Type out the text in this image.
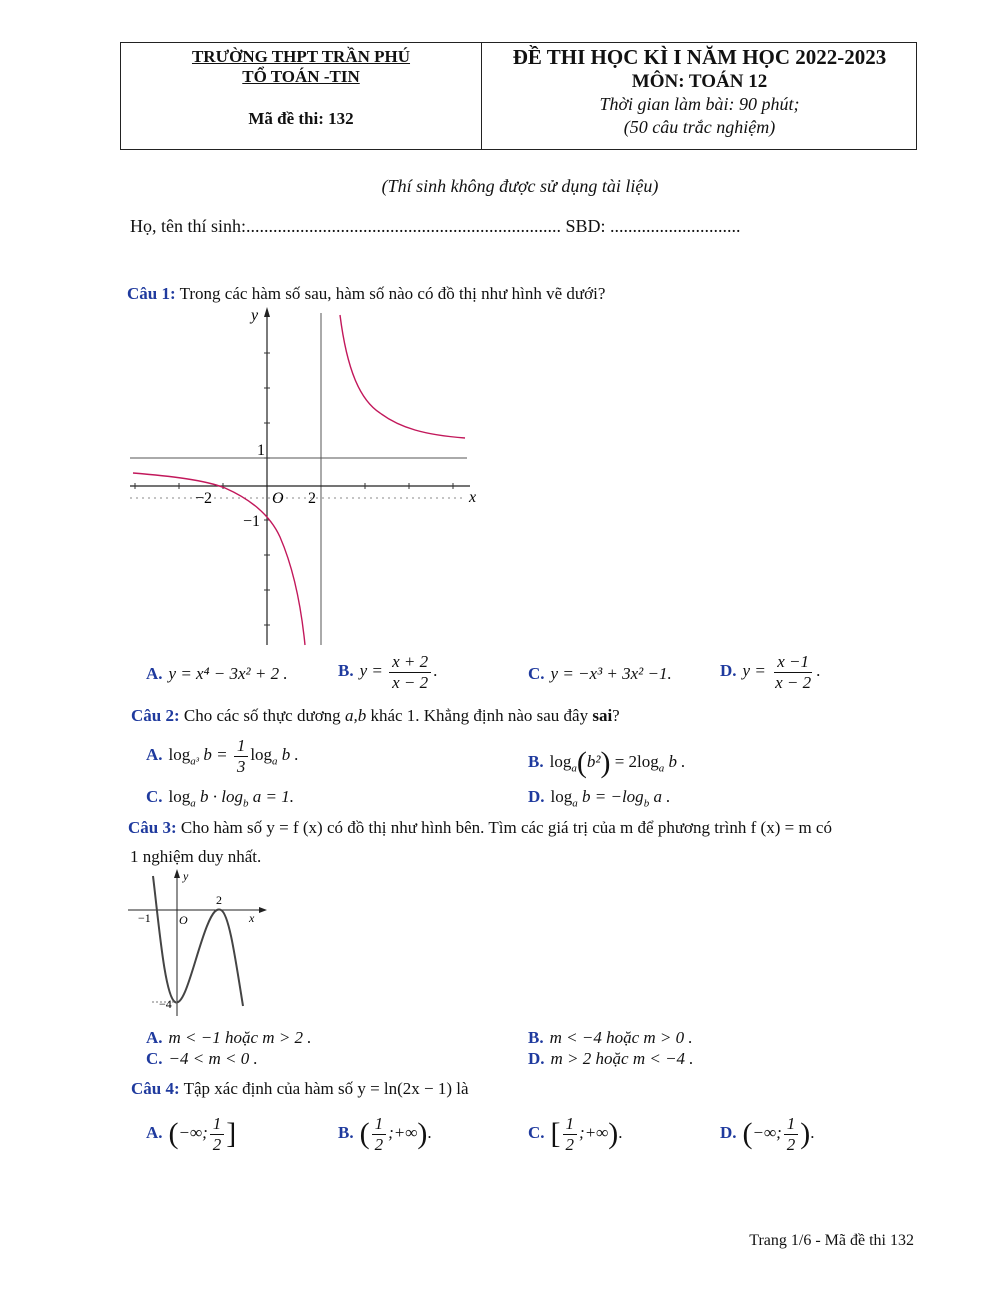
TRƯỜNG THPT TRẦN PHÚ
TỔ TOÁN -TIN
Mã đề thi: 132
ĐỀ THI HỌC KÌ I NĂM HỌC 2022-2023
MÔN: TOÁN 12
Thời gian làm bài: 90 phút;
(50 câu trắc nghiệm)
(Thí sinh không được sử dụng tài liệu)
Họ, tên thí sinh:...................................................................... SBD: .............................
Câu 1: Trong các hàm số sau, hàm số nào có đồ thị như hình vẽ dưới?
y
x
1
−2	O 2
−1
A. y = x⁴ − 3x² + 2 .	B. $y = \frac{x + 2}{x - 2}$ .	C. y = −x³ + 3x² −1.	D. $y = \frac{x -1}{x - 2}$ .
Câu 2: Cho các số thực dương a,b khác 1. Khẳng định nào sau đây sai?
A. $\log_{a^3} b = \frac{1}{3} \log_a b$ .	B. $\log_a(b^2) = 2\log_a$ b .
C. $\log_a b \cdot \log_b a = 1$.	D. $\log_a b = -\log_b$ a .
Câu 3: Cho hàm số y = f (x) có đồ thị như hình bên. Tìm các giá trị của m để phương trình f (x) = m có
1 nghiệm duy nhất.
y
x
−1 O
2
−4
A. m < −1 hoặc m > 2 .	B. m < −4 hoặc m > 0 .
C. −4 < m < 0 .	D. m > 2 hoặc m < −4 .
Câu 4: Tập xác định của hàm số y = ln(2x − 1) là
A. (−∞; $\frac{1}{2}$ ]	B. ( $\frac{1}{2}$ ;+∞).	C. [ $\frac{1}{2}$ ;+∞).	D. (−∞; $\frac{1}{2}$ ).
Trang 1/6 - Mã đề thi 132
